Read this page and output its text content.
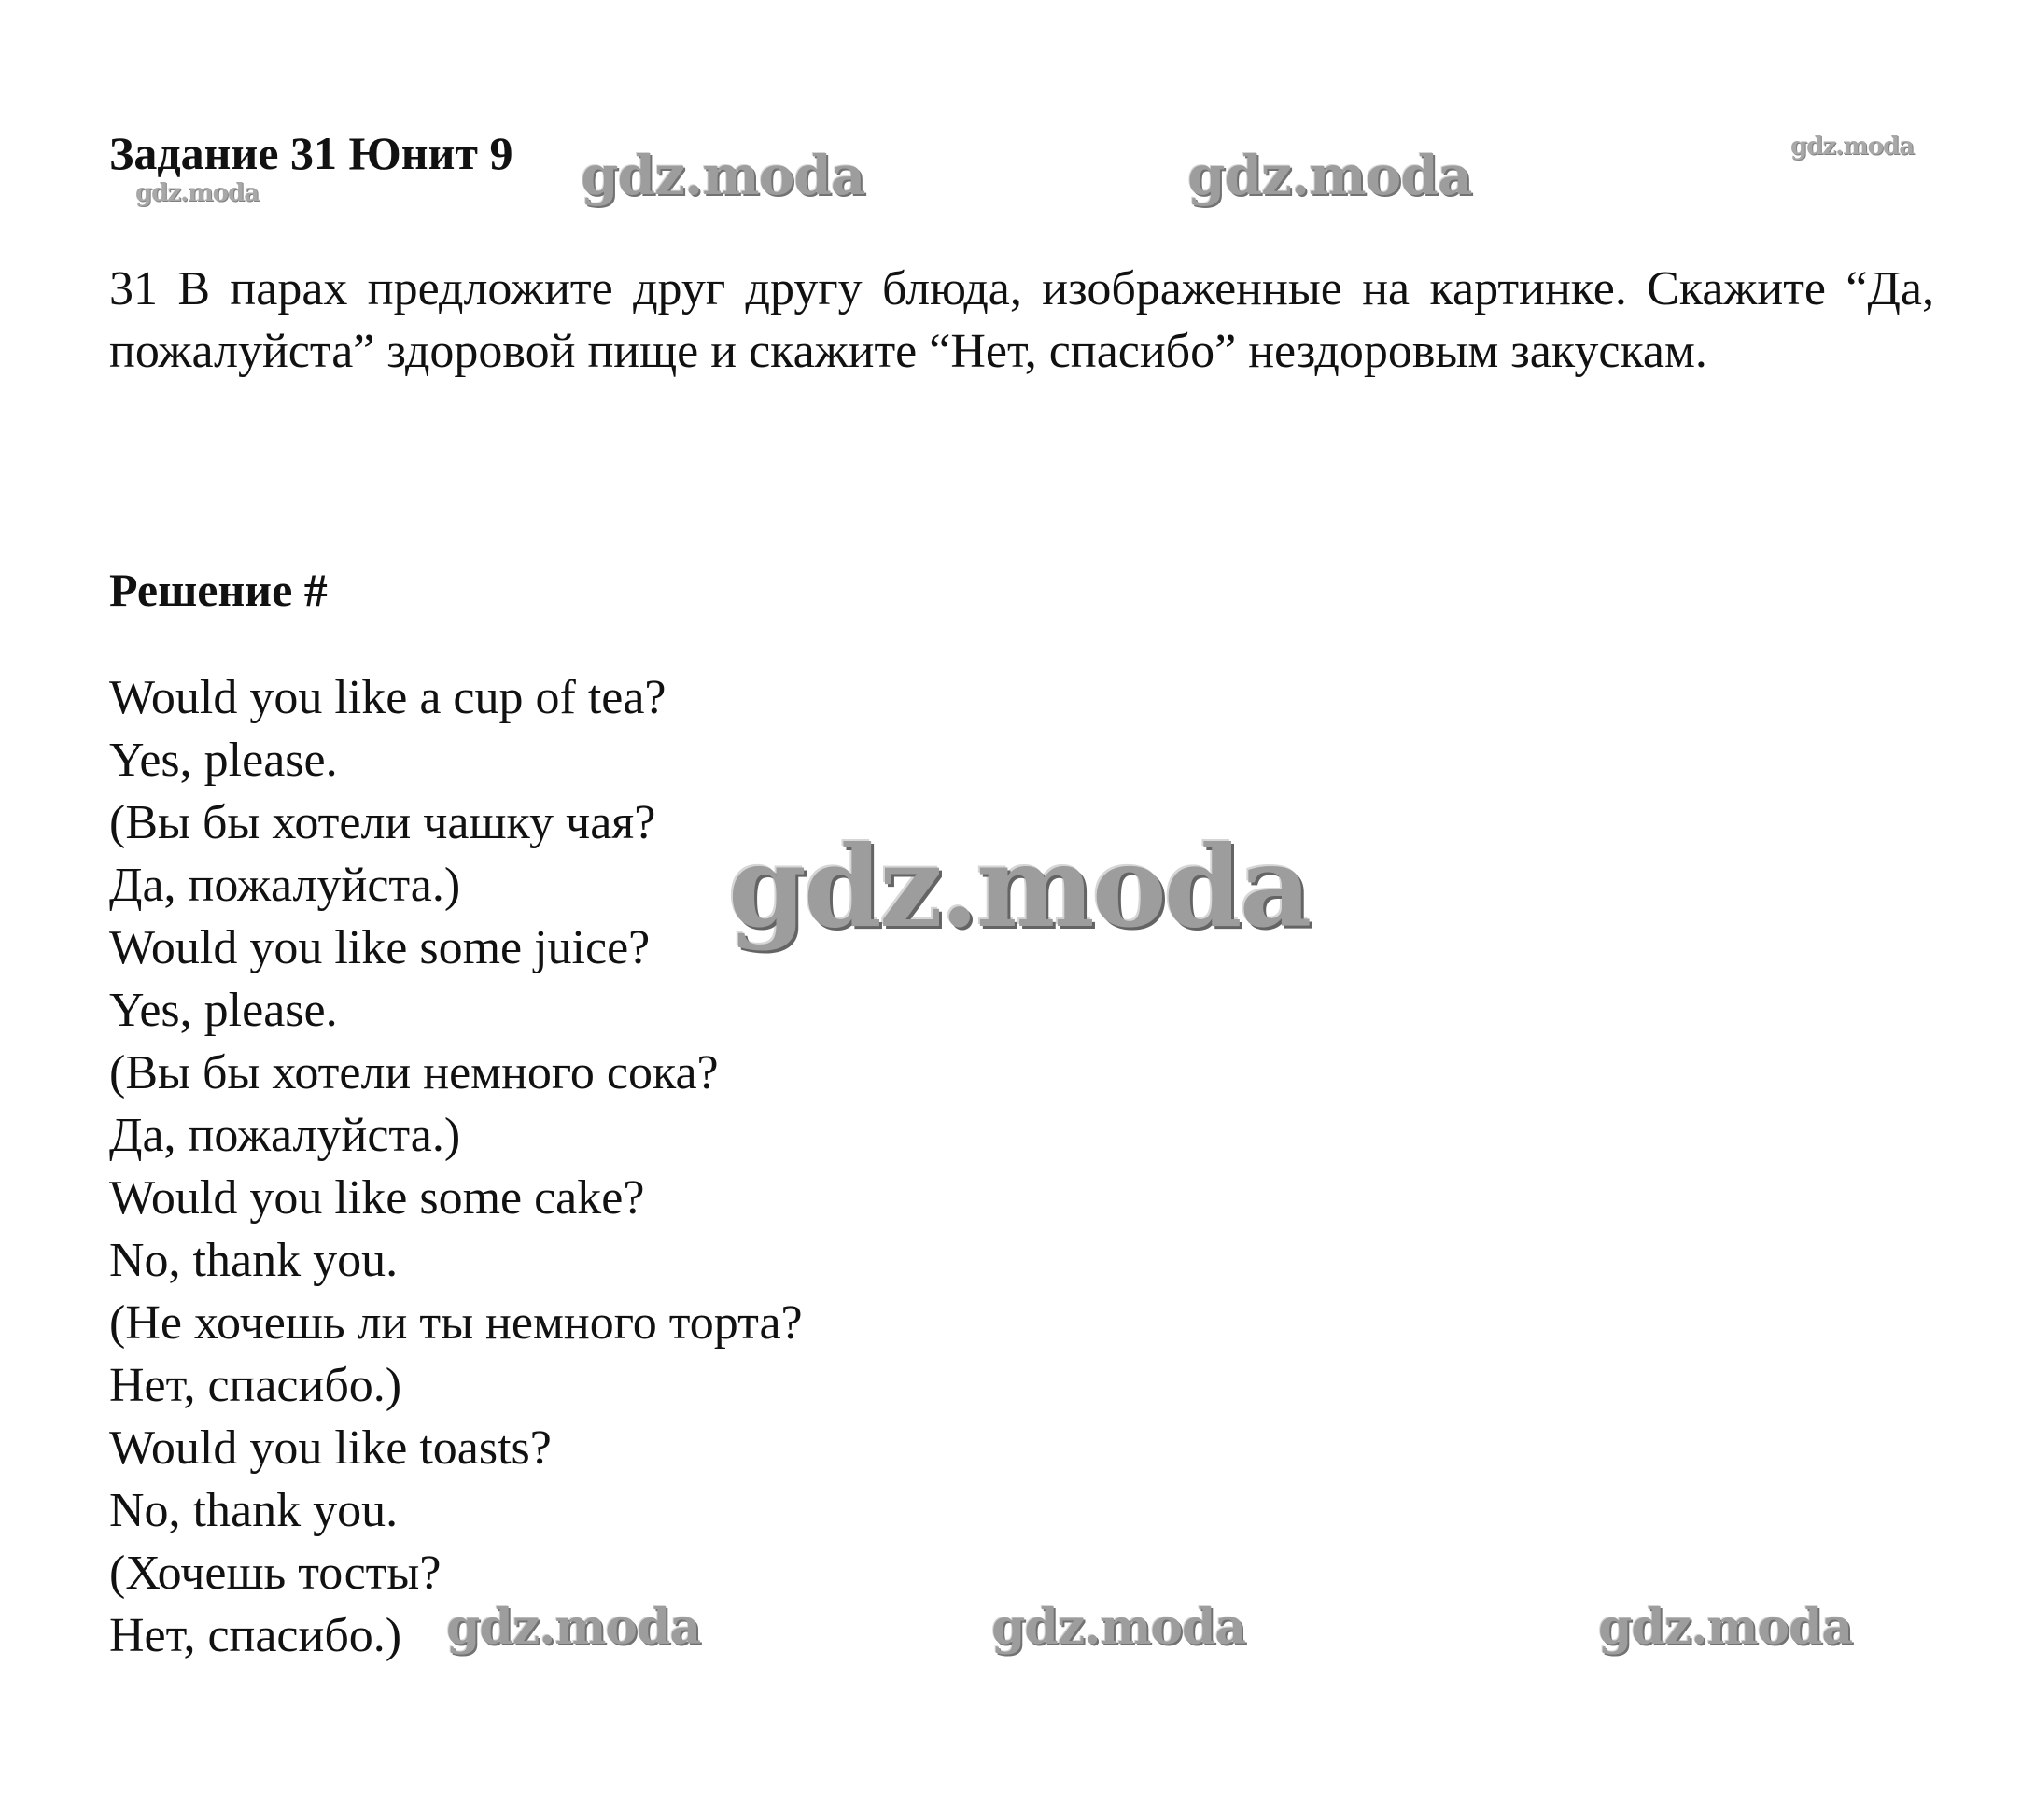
Задание 31 Юнит 9
31 В парах предложите друг другу блюда, изображенные на картинке. Скажите “Да, пожалуйста” здоровой пище и скажите “Нет, спасибо” нездоровым закускам.
Решение #
Would you like a cup of tea?
Yes, please.
(Вы бы хотели чашку чая?
Да, пожалуйста.)
Would you like some juice?
Yes, please.
(Вы бы хотели немного сока?
Да, пожалуйста.)
Would you like some cake?
No, thank you.
(Не хочешь ли ты немного торта?
Нет, спасибо.)
Would you like toasts?
No, thank you.
(Хочешь тосты?
Нет, спасибо.)
gdz.moda	gdz.moda	gdz.moda	gdz.moda
gdz.moda
gdz.moda	gdz.moda	gdz.moda
